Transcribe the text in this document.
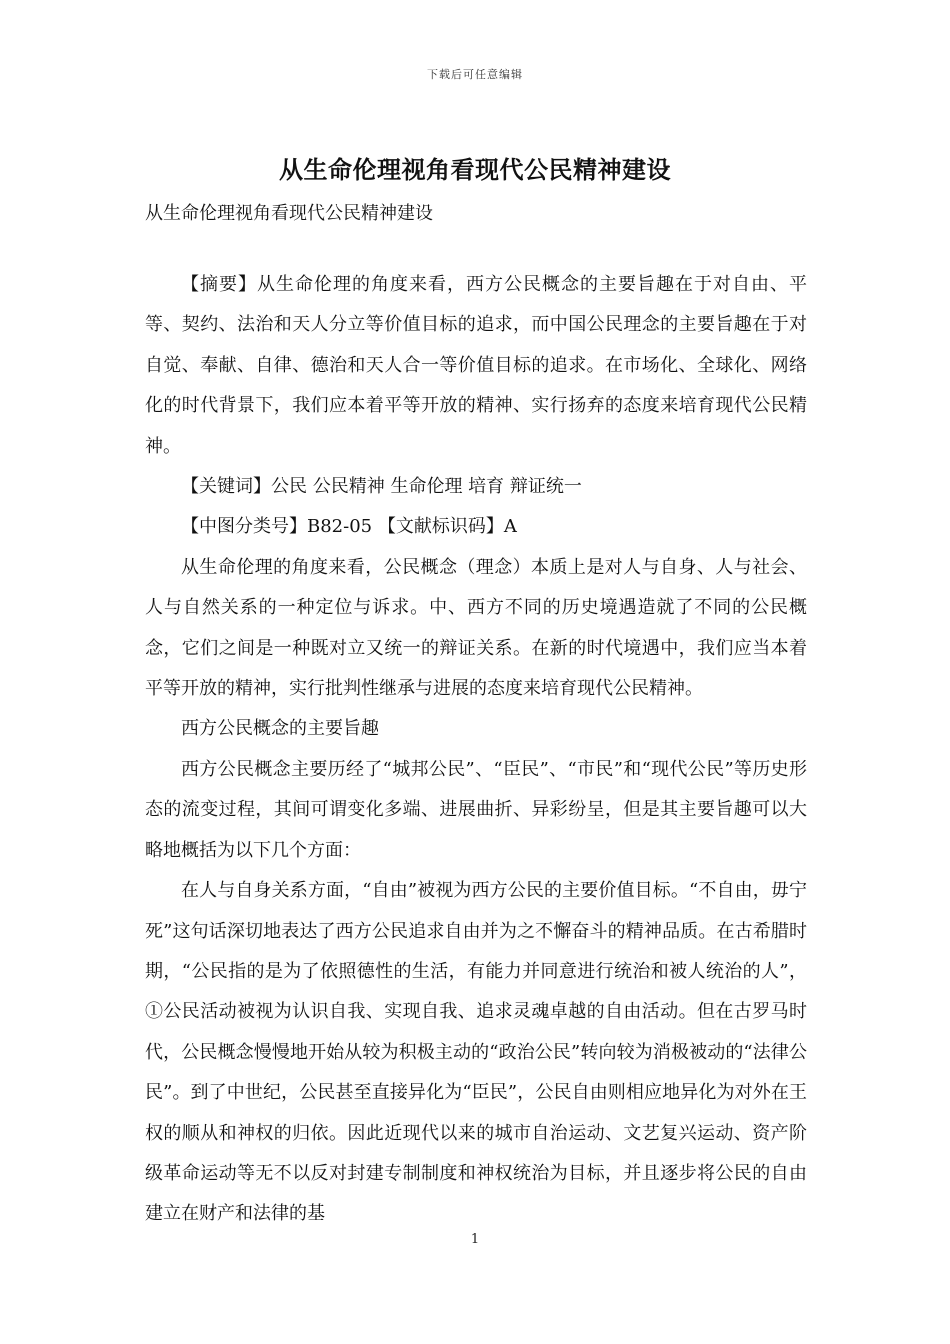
下载后可任意编辑
从生命伦理视角看现代公民精神建设
从生命伦理视角看现代公民精神建设

【摘要】从生命伦理的角度来看，西方公民概念的主要旨趣在于对自由、平等、契约、法治和天人分立等价值目标的追求，而中国公民理念的主要旨趣在于对自觉、奉献、自律、德治和天人合一等价值目标的追求。在市场化、全球化、网络化的时代背景下，我们应本着平等开放的精神、实行扬弃的态度来培育现代公民精神。

【关键词】公民 公民精神 生命伦理 培育 辩证统一

【中图分类号】B82-05 【文献标识码】A

从生命伦理的角度来看，公民概念（理念）本质上是对人与自身、人与社会、人与自然关系的一种定位与诉求。中、西方不同的历史境遇造就了不同的公民概念，它们之间是一种既对立又统一的辩证关系。在新的时代境遇中，我们应当本着平等开放的精神，实行批判性继承与进展的态度来培育现代公民精神。

西方公民概念的主要旨趣

西方公民概念主要历经了“城邦公民”、“臣民”、“市民”和“现代公民”等历史形态的流变过程，其间可谓变化多端、进展曲折、异彩纷呈，但是其主要旨趣可以大略地概括为以下几个方面：

在人与自身关系方面，“自由”被视为西方公民的主要价值目标。“不自由，毋宁死”这句话深切地表达了西方公民追求自由并为之不懈奋斗的精神品质。在古希腊时期，“公民指的是为了依照德性的生活，有能力并同意进行统治和被人统治的人”，①公民活动被视为认识自我、实现自我、追求灵魂卓越的自由活动。但在古罗马时代，公民概念慢慢地开始从较为积极主动的“政治公民”转向较为消极被动的“法律公民”。到了中世纪，公民甚至直接异化为“臣民”，公民自由则相应地异化为对外在王权的顺从和神权的归依。因此近现代以来的城市自治运动、文艺复兴运动、资产阶级革命运动等无不以反对封建专制制度和神权统治为目标，并且逐步将公民的自由建立在财产和法律的基

1
